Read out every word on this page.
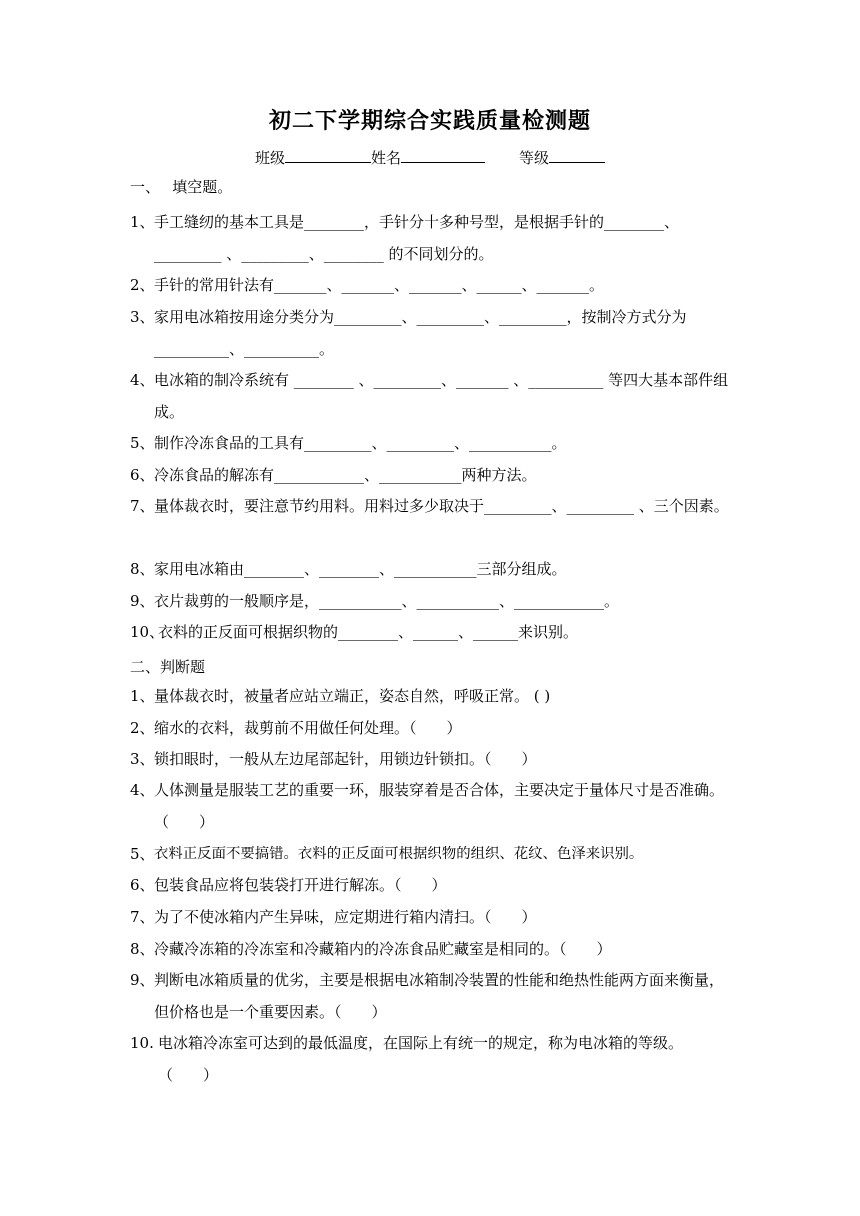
初二下学期综合实践质量检测题
班级	姓名	等级
一、　 填空题。
1、 手工缝纫的基本工具是________，手针分十多种号型，是根据手针的________、_________ 、_________、________ 的不同划分的。
2、 手针的常用针法有_______、_______、_______、______、_______。
3、 家用电冰箱按用途分类分为_________、_________、_________，按制冷方式分为 __________、__________。
4、 电冰箱的制冷系统有 ________ 、_________、_______ 、__________ 等四大基本部件组成。
5、 制作冷冻食品的工具有_________、_________、___________。
6、 冷冻食品的解冻有____________、___________两种方法。
7、 量体裁衣时，要注意节约用料。用料过多少取决于_________、_________ 、三个因素。
8、 家用电冰箱由________、________、___________三部分组成。
9、 衣片裁剪的一般顺序是，___________、___________、____________。
10、
衣料的正反面可根据织物的________、______、______来识别。
二、判断题
1、 量体裁衣时，被量者应站立端正，姿态自然，呼吸正常。 ( )
2、 缩水的衣料，裁剪前不用做任何处理。（　　）
3、 锁扣眼时，一般从左边尾部起针，用锁边针锁扣。（　　）
4、 人体测量是服装工艺的重要一环，服装穿着是否合体，主要决定于量体尺寸是否准确。（　　）
5、 衣料正反面不要搞错。衣料的正反面可根据织物的组织、花纹、色泽来识别。
6、 包装食品应将包装袋打开进行解冻。（　　）
7、 为了不使冰箱内产生异味，应定期进行箱内清扫。（　　）
8、 冷藏冷冻箱的冷冻室和冷藏箱内的冷冻食品贮藏室是相同的。（　　）
9、 判断电冰箱质量的优劣，主要是根据电冰箱制冷装置的性能和绝热性能两方面来衡量，但价格也是一个重要因素。（　　）
10. 电冰箱冷冻室可达到的最低温度，在国际上有统一的规定，称为电冰箱的等级。 （　　）
